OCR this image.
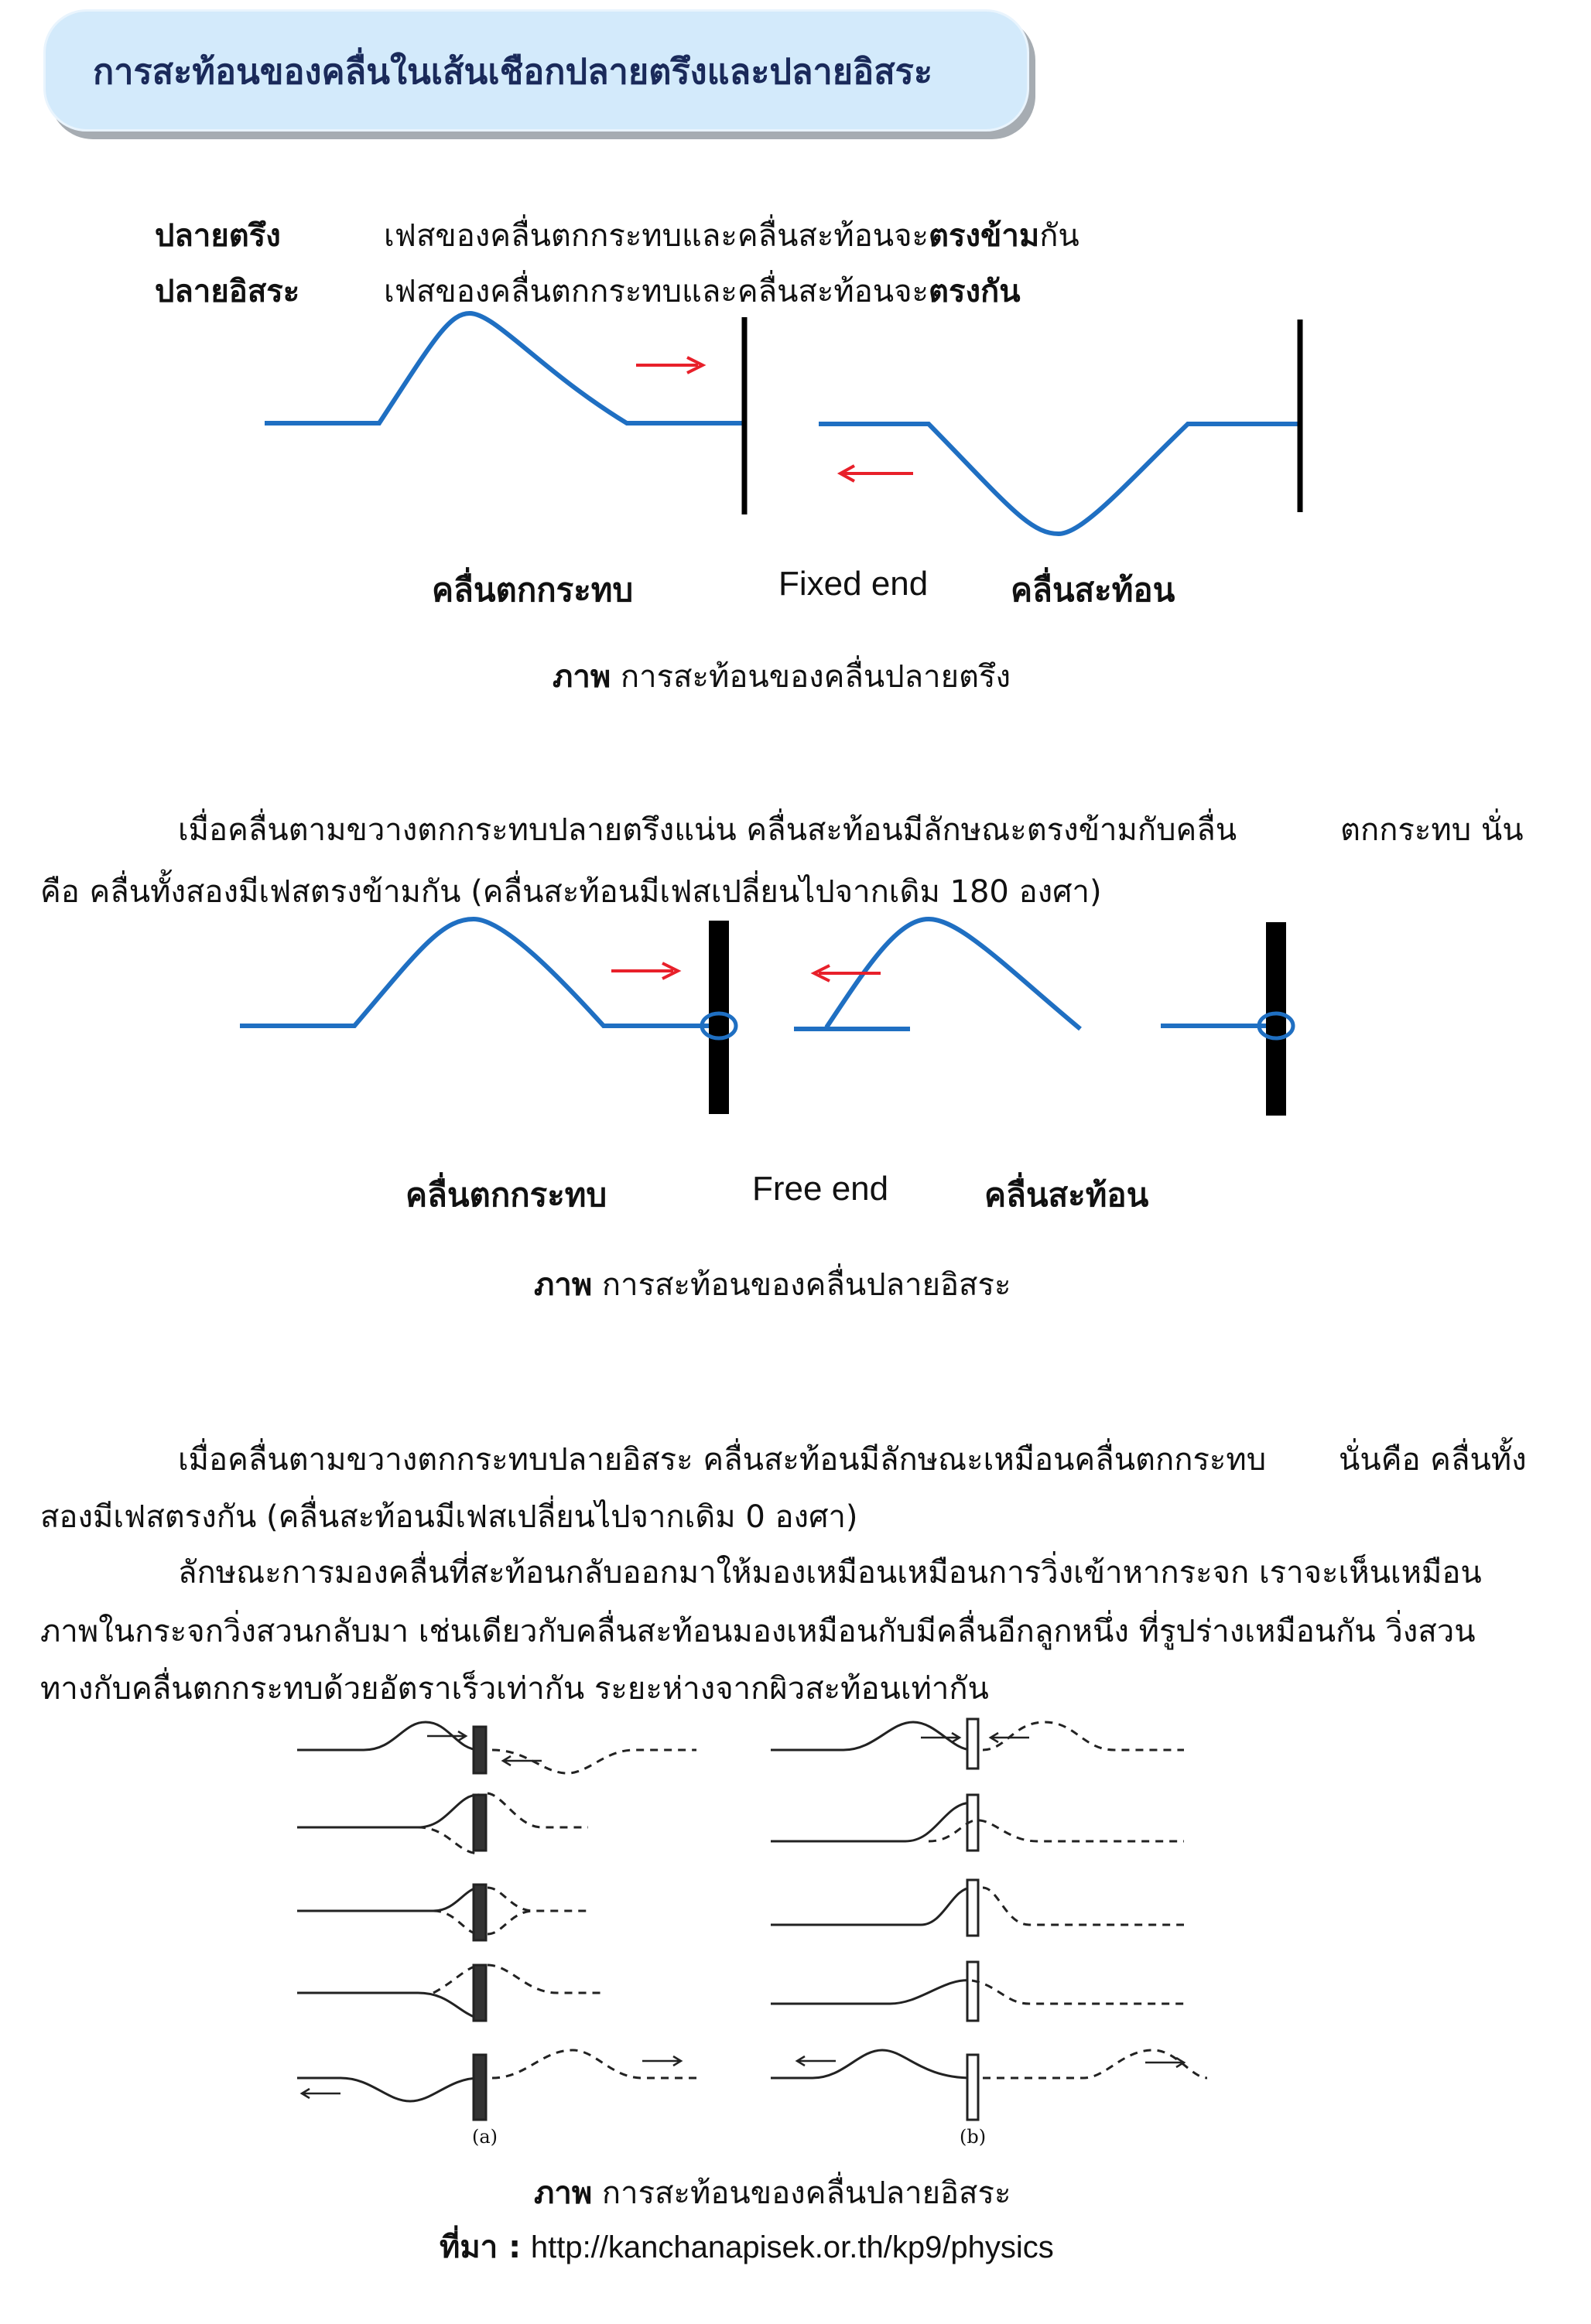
การสะท้อนของคลื่นในเส้นเชือกปลายตรึงและปลายอิสระ
ปลายตรึง	เฟสของคลื่นตกกระทบและคลื่นสะท้อนจะตรงข้ามกัน
ปลายอิสระ	เฟสของคลื่นตกกระทบและคลื่นสะท้อนจะตรงกัน
คลื่นตกกระทบ	Fixed end	คลื่นสะท้อน
ภาพ การสะท้อนของคลื่นปลายตรึง
เมื่อคลื่นตามขวางตกกระทบปลายตรึงแน่น คลื่นสะท้อนมีลักษณะตรงข้ามกับคลื่น	ตกกระทบ นั่น
คือ คลื่นทั้งสองมีเฟสตรงข้ามกัน (คลื่นสะท้อนมีเฟสเปลี่ยนไปจากเดิม 180 องศา)
คลื่นตกกระทบ	Free end	คลื่นสะท้อน
ภาพ การสะท้อนของคลื่นปลายอิสระ
เมื่อคลื่นตามขวางตกกระทบปลายอิสระ คลื่นสะท้อนมีลักษณะเหมือนคลื่นตกกระทบ นั่นคือ คลื่นทั้ง
สองมีเฟสตรงกัน (คลื่นสะท้อนมีเฟสเปลี่ยนไปจากเดิม 0 องศา)
ลักษณะการมองคลื่นที่สะท้อนกลับออกมาให้มองเหมือนเหมือนการวิ่งเข้าหากระจก เราจะเห็นเหมือน
ภาพในกระจกวิ่งสวนกลับมา เช่นเดียวกับคลื่นสะท้อนมองเหมือนกับมีคลื่นอีกลูกหนึ่ง ที่รูปร่างเหมือนกัน วิ่งสวน
ทางกับคลื่นตกกระทบด้วยอัตราเร็วเท่ากัน ระยะห่างจากผิวสะท้อนเท่ากัน
(a)	(b)
ภาพ การสะท้อนของคลื่นปลายอิสระ
ที่มา : http://kanchanapisek.or.th/kp9/physics
